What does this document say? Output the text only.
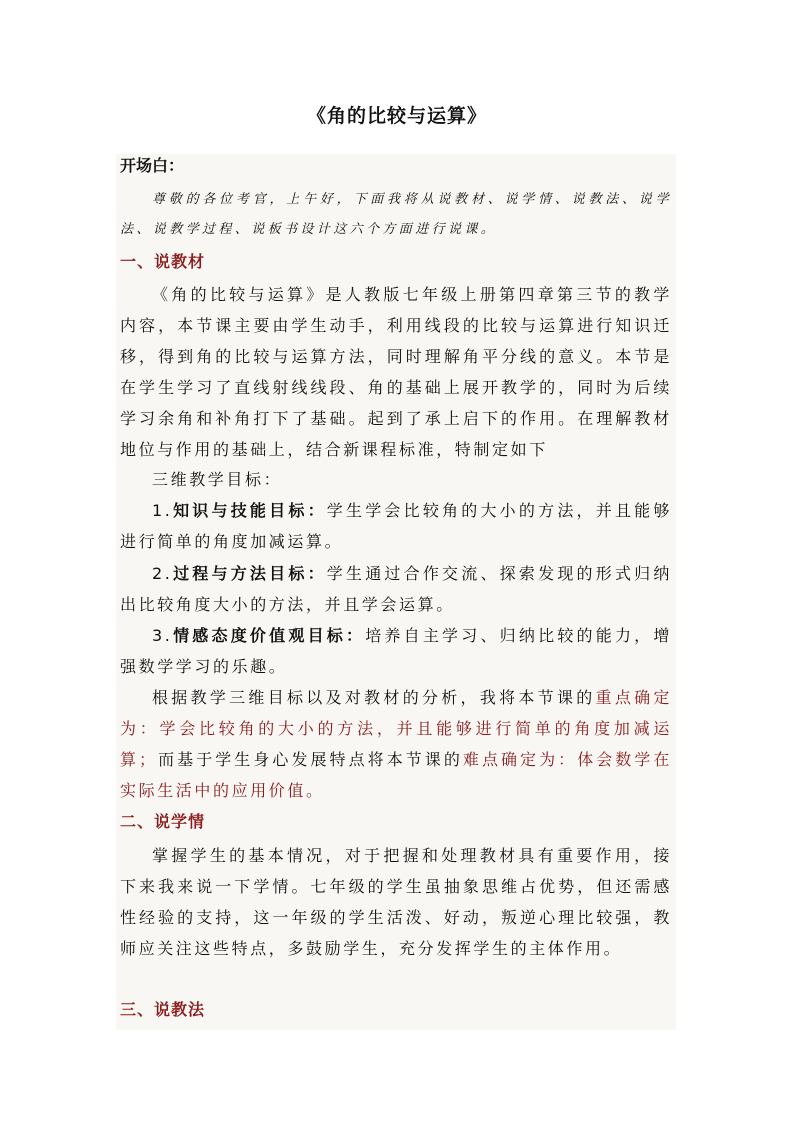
《角的比较与运算》
开场白：

尊敬的各位考官，上午好，下面我将从说教材、说学情、说教法、说学法、说教学过程、说板书设计这六个方面进行说课。

一、说教材

《角的比较与运算》是人教版七年级上册第四章第三节的教学内容，本节课主要由学生动手，利用线段的比较与运算进行知识迁移，得到角的比较与运算方法，同时理解角平分线的意义。本节是在学生学习了直线射线线段、角的基础上展开教学的，同时为后续学习余角和补角打下了基础。起到了承上启下的作用。在理解教材地位与作用的基础上，结合新课程标准，特制定如下

三维教学目标：

1.知识与技能目标：学生学会比较角的大小的方法，并且能够进行简单的角度加减运算。

2.过程与方法目标：学生通过合作交流、探索发现的形式归纳出比较角度大小的方法，并且学会运算。

3.情感态度价值观目标：培养自主学习、归纳比较的能力，增强数学学习的乐趣。

根据教学三维目标以及对教材的分析，我将本节课的重点确定为：学会比较角的大小的方法，并且能够进行简单的角度加减运算；而基于学生身心发展特点将本节课的难点确定为：体会数学在实际生活中的应用价值。

二、说学情

掌握学生的基本情况，对于把握和处理教材具有重要作用，接下来我来说一下学情。七年级的学生虽抽象思维占优势，但还需感性经验的支持，这一年级的学生活泼、好动，叛逆心理比较强，教师应关注这些特点，多鼓励学生，充分发挥学生的主体作用。

三、说教法
